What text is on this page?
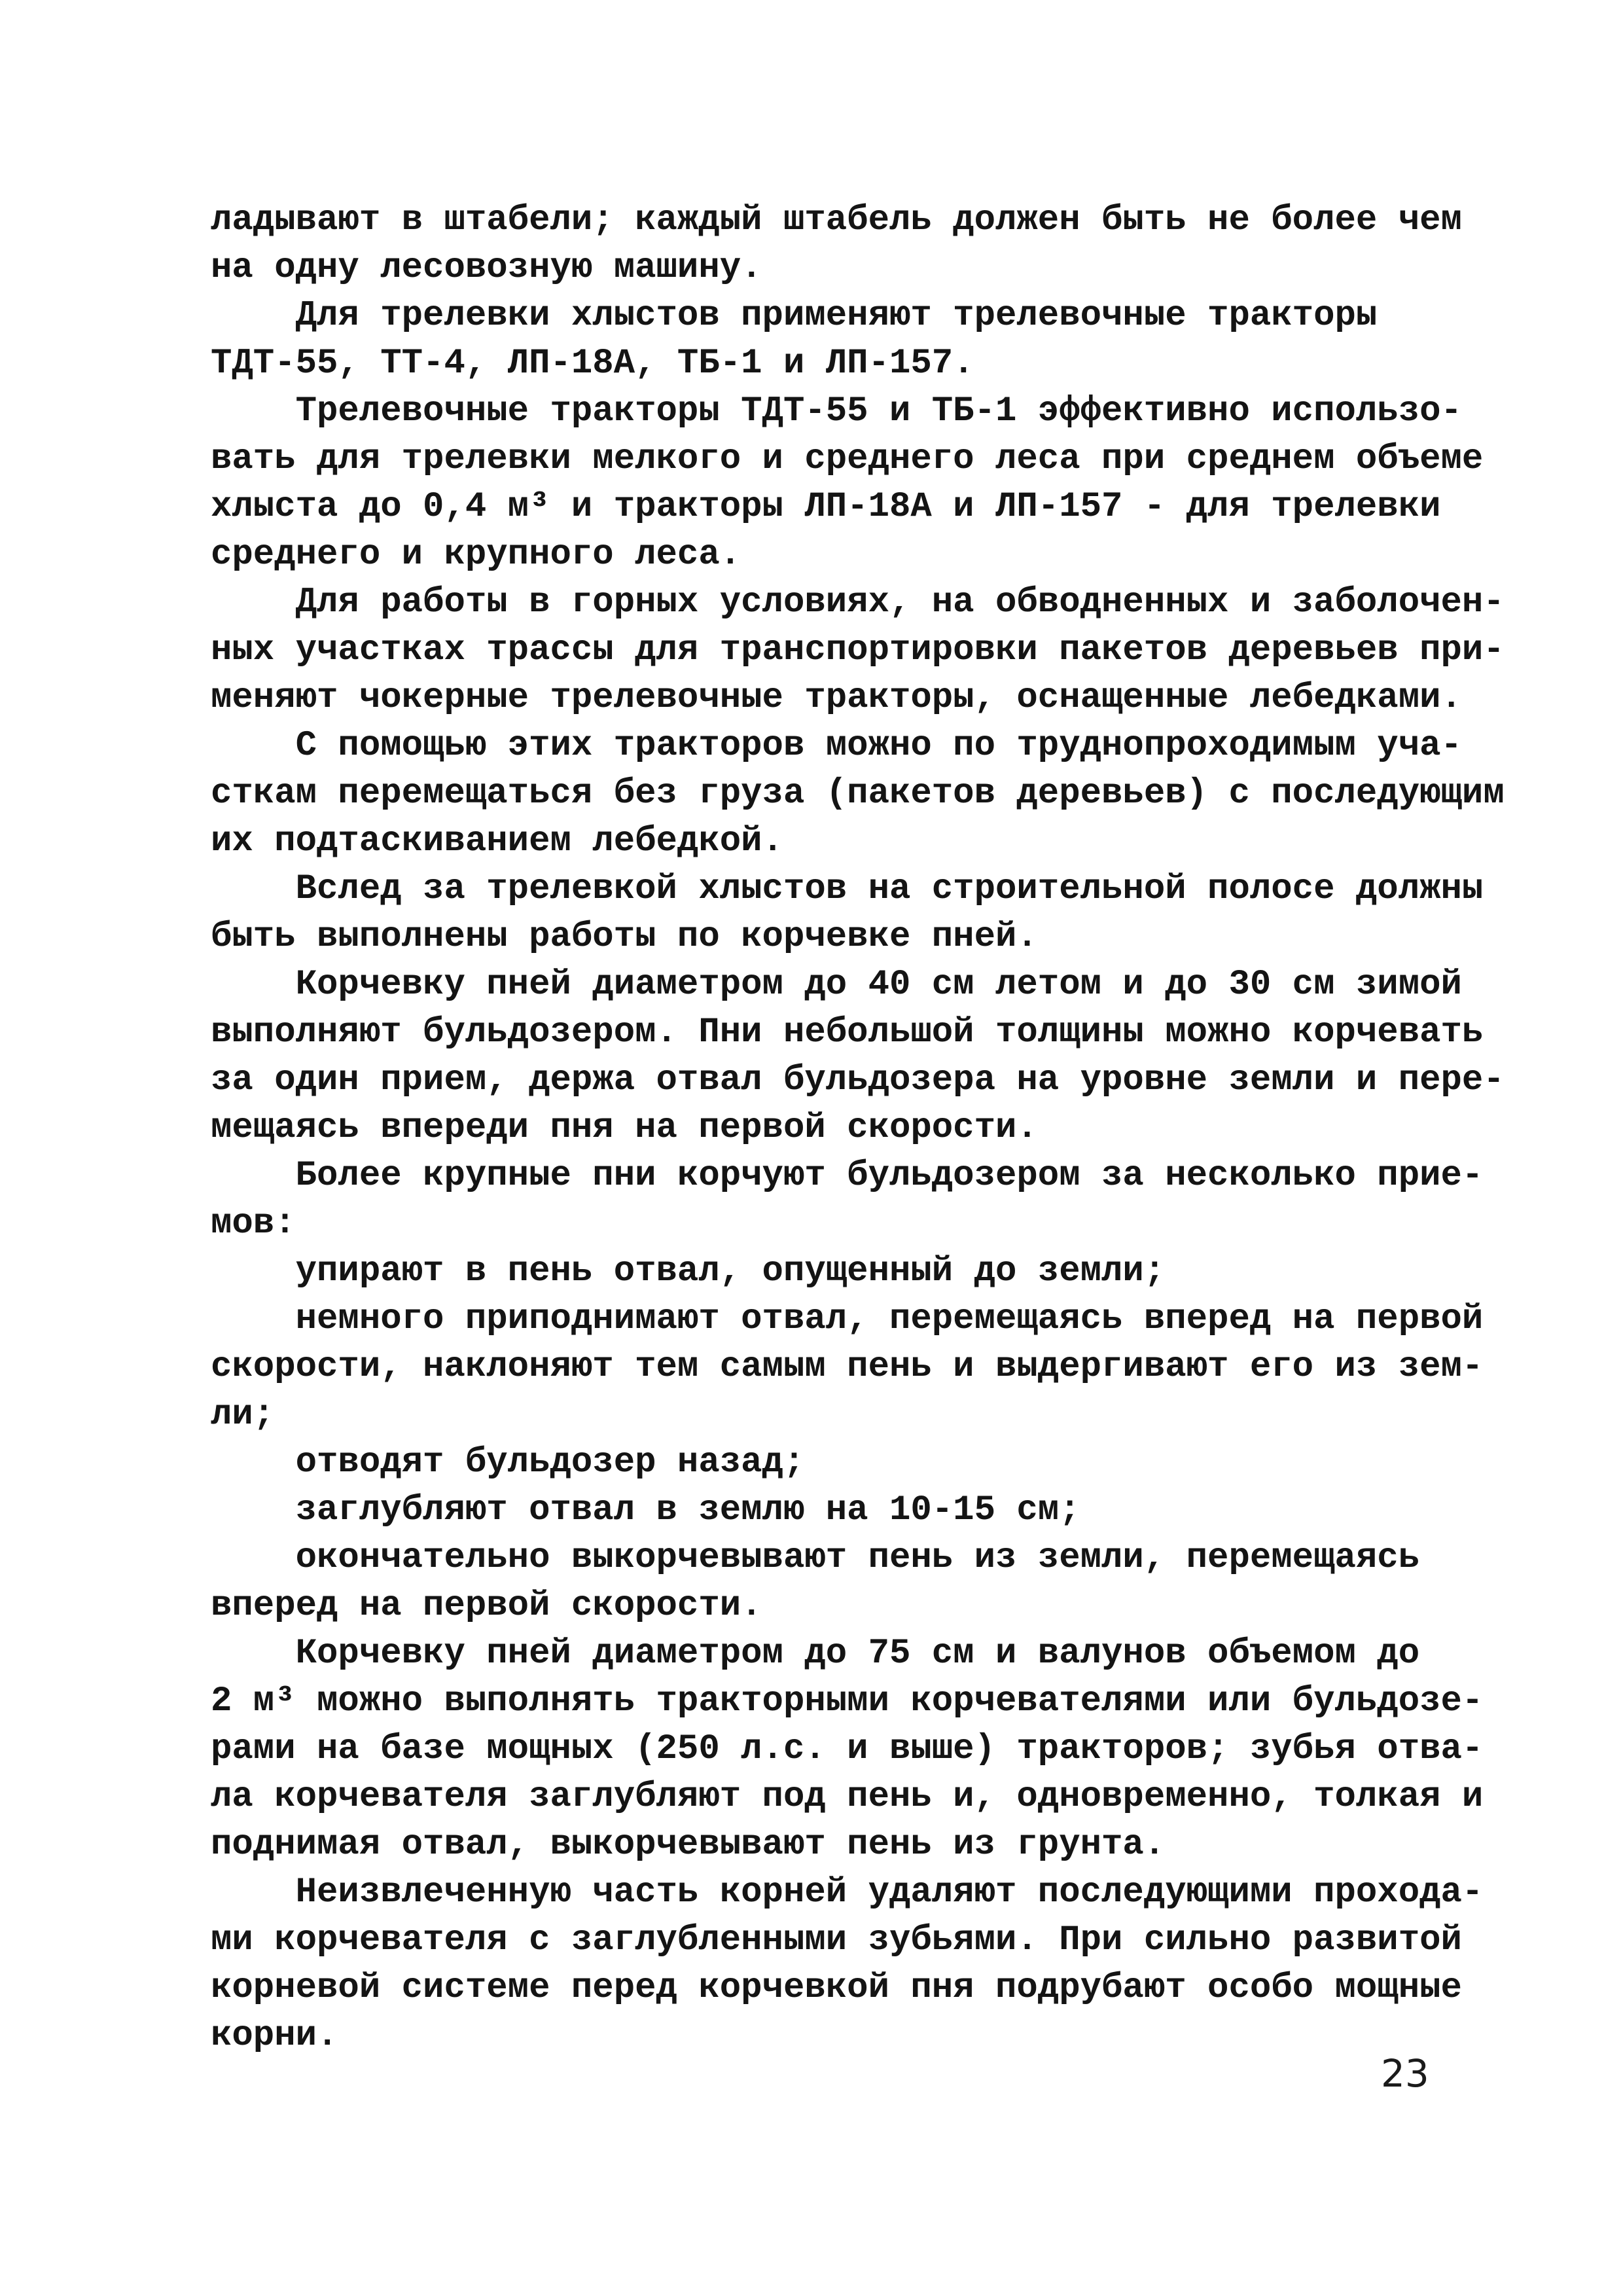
ладывают в штабели; каждый штабель должен быть не более чем
на одну лесовозную машину.
Для трелевки хлыстов применяют трелевочные тракторы
ТДТ-55, ТТ-4, ЛП-18А, ТБ-1 и ЛП-157.
Трелевочные тракторы ТДТ-55 и ТБ-1 эффективно использо-
вать для трелевки мелкого и среднего леса при среднем объеме
хлыста до 0,4 м³ и тракторы ЛП-18А и ЛП-157 - для трелевки
среднего и крупного леса.
Для работы в горных условиях, на обводненных и заболочен-
ных участках трассы для транспортировки пакетов деревьев при-
меняют чокерные трелевочные тракторы, оснащенные лебедками.
С помощью этих тракторов можно по труднопроходимым уча-
сткам перемещаться без груза (пакетов деревьев) с последующим
их подтаскиванием лебедкой.
Вслед за трелевкой хлыстов на строительной полосе должны
быть выполнены работы по корчевке пней.
Корчевку пней диаметром до 40 см летом и до 30 см зимой
выполняют бульдозером. Пни небольшой толщины можно корчевать
за один прием, держа отвал бульдозера на уровне земли и пере-
мещаясь впереди пня на первой скорости.
Более крупные пни корчуют бульдозером за несколько прие-
мов:
упирают в пень отвал, опущенный до земли;
немного приподнимают отвал, перемещаясь вперед на первой
скорости, наклоняют тем самым пень и выдергивают его из зем-
ли;
отводят бульдозер назад;
заглубляют отвал в землю на 10-15 см;
окончательно выкорчевывают пень из земли, перемещаясь
вперед на первой скорости.
Корчевку пней диаметром до 75 см и валунов объемом до
2 м³ можно выполнять тракторными корчевателями или бульдозе-
рами на базе мощных (250 л.с. и выше) тракторов; зубья отва-
ла корчевателя заглубляют под пень и, одновременно, толкая и
поднимая отвал, выкорчевывают пень из грунта.
Неизвлеченную часть корней удаляют последующими прохода-
ми корчевателя с заглубленными зубьями. При сильно развитой
корневой системе перед корчевкой пня подрубают особо мощные
корни.
23
